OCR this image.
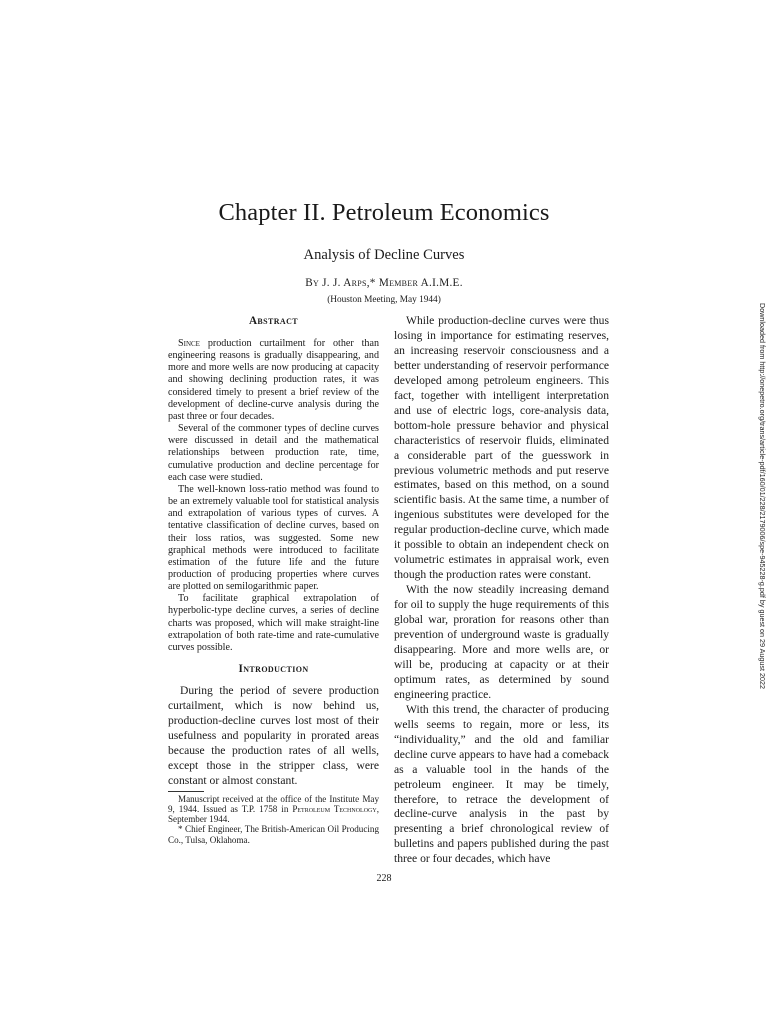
Chapter II. Petroleum Economics
Analysis of Decline Curves
By J. J. Arps,* Member A.I.M.E.
(Houston Meeting, May 1944)
Abstract

Since production curtailment for other than engineering reasons is gradually disappearing, and more and more wells are now producing at capacity and showing declining production rates, it was considered timely to present a brief review of the development of decline-curve analysis during the past three or four decades.

Several of the commoner types of decline curves were discussed in detail and the mathematical relationships between production rate, time, cumulative production and decline percentage for each case were studied.

The well-known loss-ratio method was found to be an extremely valuable tool for statistical analysis and extrapolation of various types of curves. A tentative classification of decline curves, based on their loss ratios, was suggested. Some new graphical methods were introduced to facilitate estimation of the future life and the future production of producing properties where curves are plotted on semilogarithmic paper.

To facilitate graphical extrapolation of hyperbolic-type decline curves, a series of decline charts was proposed, which will make straight-line extrapolation of both rate-time and rate-cumulative curves possible.

Introduction

During the period of severe production curtailment, which is now behind us, production-decline curves lost most of their usefulness and popularity in prorated areas because the production rates of all wells, except those in the stripper class, were constant or almost constant.

Manuscript received at the office of the Institute May 9, 1944. Issued as T.P. 1758 in Petroleum Technology, September 1944.

* Chief Engineer, The British-American Oil Producing Co., Tulsa, Oklahoma.

While production-decline curves were thus losing in importance for estimating reserves, an increasing reservoir consciousness and a better understanding of reservoir performance developed among petroleum engineers. This fact, together with intelligent interpretation and use of electric logs, core-analysis data, bottom-hole pressure behavior and physical characteristics of reservoir fluids, eliminated a considerable part of the guesswork in previous volumetric methods and put reserve estimates, based on this method, on a sound scientific basis. At the same time, a number of ingenious substitutes were developed for the regular production-decline curve, which made it possible to obtain an independent check on volumetric estimates in appraisal work, even though the production rates were constant.

With the now steadily increasing demand for oil to supply the huge requirements of this global war, proration for reasons other than prevention of underground waste is gradually disappearing. More and more wells are, or will be, producing at capacity or at their optimum rates, as determined by sound engineering practice.

With this trend, the character of producing wells seems to regain, more or less, its “individuality,” and the old and familiar decline curve appears to have had a comeback as a valuable tool in the hands of the petroleum engineer. It may be timely, therefore, to retrace the development of decline-curve analysis in the past by presenting a brief chronological review of bulletins and papers published during the past three or four decades, which have

228
Downloaded from http://onepetro.org/trans/article-pdf/160/01/228/2179006/spe-945228-g.pdf by guest on 29 August 2022
